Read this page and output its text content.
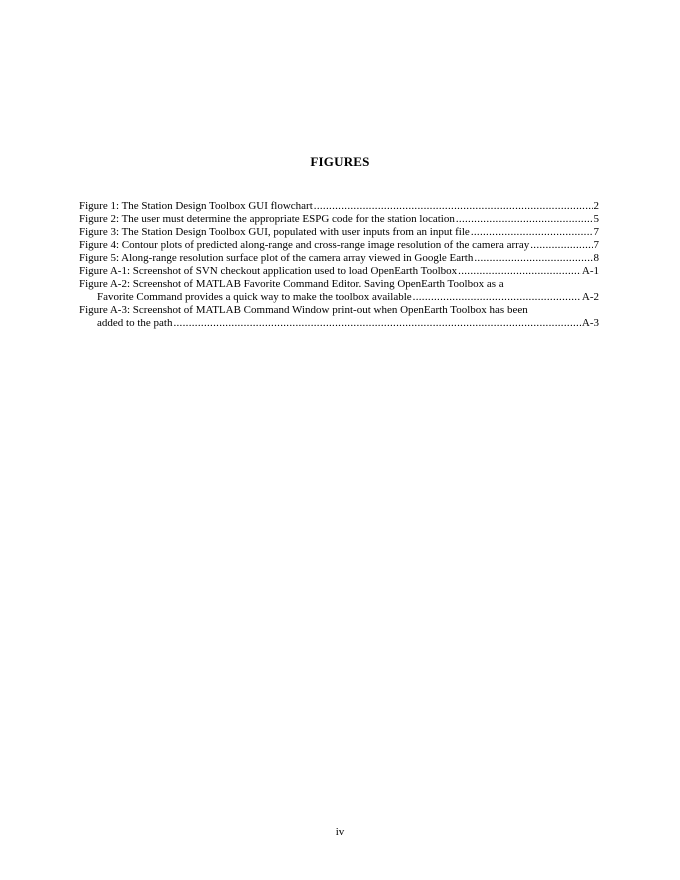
FIGURES
Figure 1: The Station Design Toolbox GUI flowchart .....	2
Figure 2: The user must determine the appropriate ESPG code for the station location .....	5
Figure 3: The Station Design Toolbox GUI, populated with user inputs from an input file .....	7
Figure 4: Contour plots of predicted along-range and cross-range image resolution of the camera array .....	7
Figure 5: Along-range resolution surface plot of the camera array viewed in Google Earth .....	8
Figure A-1: Screenshot of SVN checkout application used to load OpenEarth Toolbox .....	A-1
Figure A-2: Screenshot of MATLAB Favorite Command Editor. Saving OpenEarth Toolbox as a
Favorite Command provides a quick way to make the toolbox available .....	A-2
Figure A-3: Screenshot of MATLAB Command Window print-out when OpenEarth Toolbox has been
added to the path .....	A-3
iv
